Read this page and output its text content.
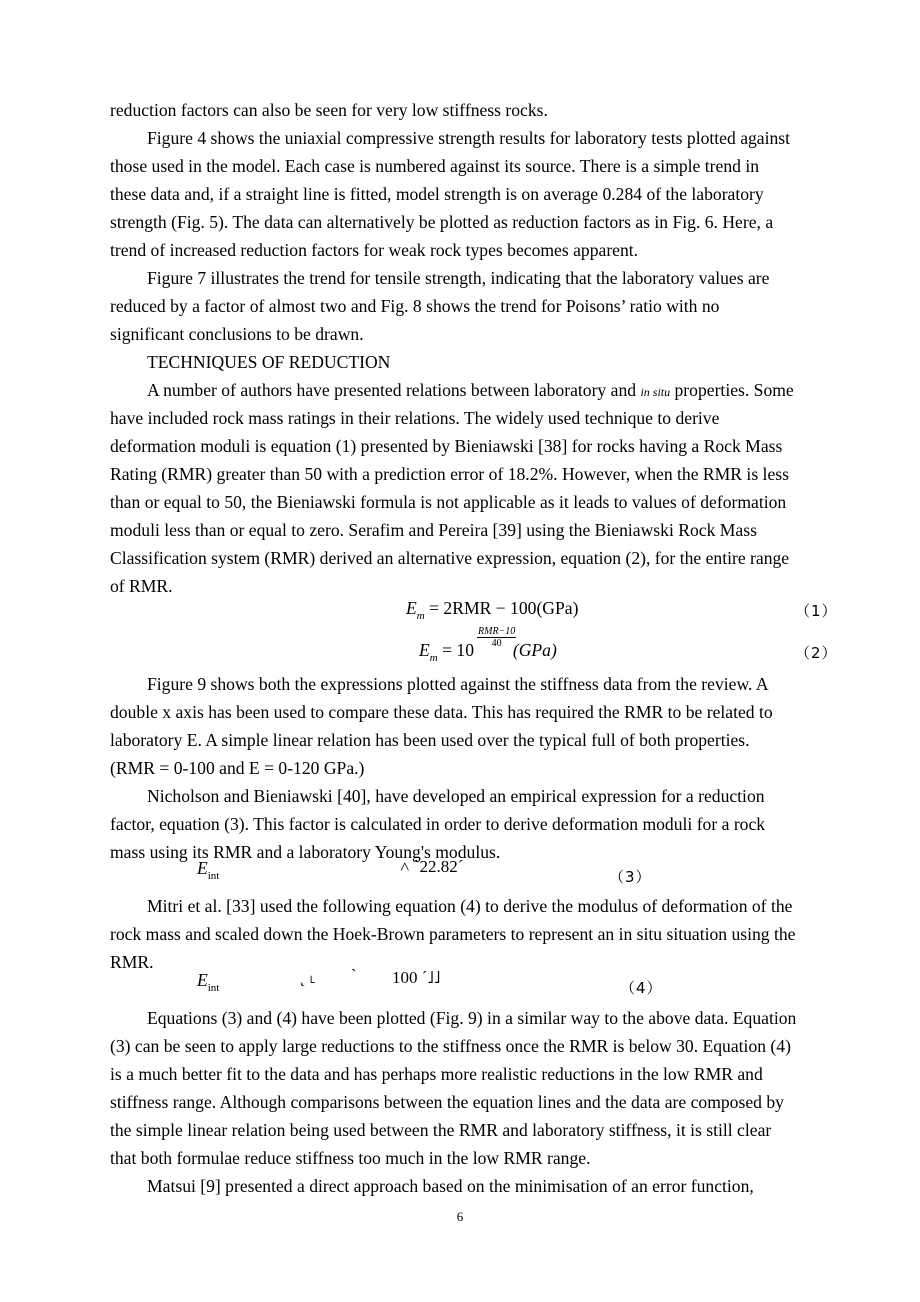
reduction factors can also be seen for very low stiffness rocks.
Figure 4 shows the uniaxial compressive strength results for laboratory tests plotted against
those used in the model. Each case is numbered against its source. There is a simple trend in
these data and, if a straight line is fitted, model strength is on average 0.284 of the laboratory
strength (Fig. 5). The data can alternatively be plotted as reduction factors as in Fig. 6. Here, a
trend of increased reduction factors for weak rock types becomes apparent.
Figure 7 illustrates the trend for tensile strength, indicating that the laboratory values are
reduced by a factor of almost two and Fig. 8 shows the trend for Poisons’ ratio with no
significant conclusions to be drawn.
TECHNIQUES OF REDUCTION
A number of authors have presented relations between laboratory and in situ properties. Some
have included rock mass ratings in their relations. The widely used technique to derive
deformation moduli is equation (1) presented by Bieniawski [38] for rocks having a Rock Mass
Rating (RMR) greater than 50 with a prediction error of 18.2%. However, when the RMR is less
than or equal to 50, the Bieniawski formula is not applicable as it leads to values of deformation
moduli less than or equal to zero. Serafim and Pereira [39] using the Bieniawski Rock Mass
Classification system (RMR) derived an alternative expression, equation (2), for the entire range
of RMR.
$E_m = 2RMR - 100(GPa)$	（1）
RMR−10
40
$E_m = 10$ (GPa)	（2）
Figure 9 shows both the expressions plotted against the stiffness data from the review. A
double x axis has been used to compare these data. This has required the RMR to be related to
laboratory E. A simple linear relation has been used over the typical full of both properties.
(RMR = 0-100 and E = 0-120 GPa.)
Nicholson and Bieniawski [40], have developed an empirical expression for a reduction
factor, equation (3). This factor is calculated in order to derive deformation moduli for a rock
mass using its RMR and a laboratory Young's modulus.
$E_{int}$	˄ `22.82´
（3）
Mitri et al. [33] used the following equation (4) to derive the modulus of deformation of the
rock mass and scaled down the Hoek-Brown parameters to represent an in situ situation using the
RMR.
$E_{int}$
˛ ˪ ` 100 ´˩˩
（4）
Equations (3) and (4) have been plotted (Fig. 9) in a similar way to the above data. Equation
(3) can be seen to apply large reductions to the stiffness once the RMR is below 30. Equation (4)
is a much better fit to the data and has perhaps more realistic reductions in the low RMR and
stiffness range. Although comparisons between the equation lines and the data are composed by
the simple linear relation being used between the RMR and laboratory stiffness, it is still clear
that both formulae reduce stiffness too much in the low RMR range.
Matsui [9] presented a direct approach based on the minimisation of an error function,
6
